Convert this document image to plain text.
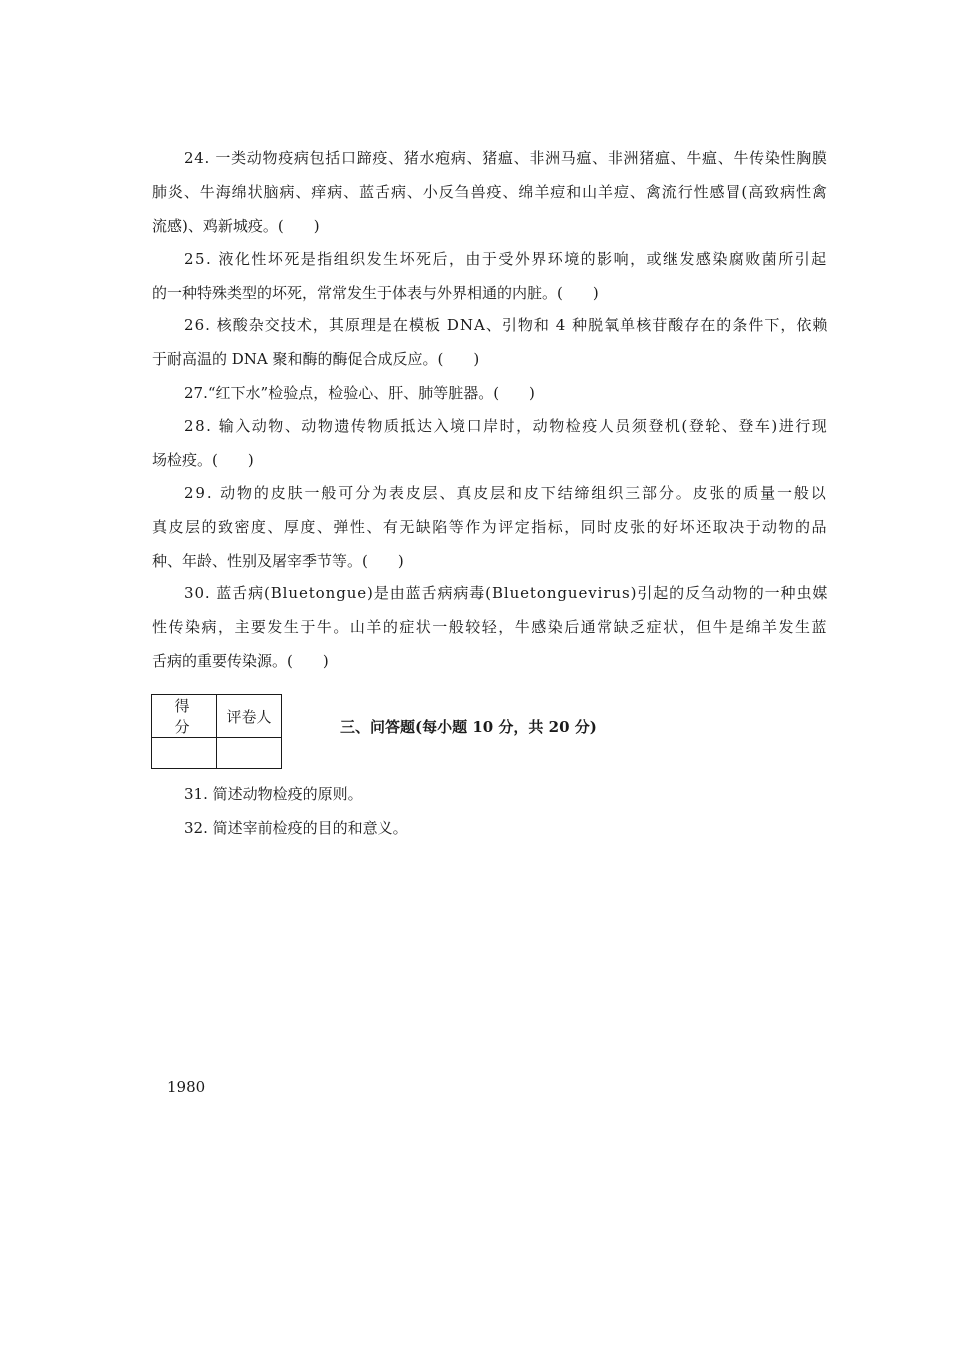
24. 一类动物疫病包括口蹄疫、猪水疱病、猪瘟、非洲马瘟、非洲猪瘟、牛瘟、牛传染性胸膜
肺炎、牛海绵状脑病、痒病、蓝舌病、小反刍兽疫、绵羊痘和山羊痘、禽流行性感冒(高致病性禽
流感)、鸡新城疫。(　　)
25. 液化性坏死是指组织发生坏死后，由于受外界环境的影响，或继发感染腐败菌所引起
的一种特殊类型的坏死，常常发生于体表与外界相通的内脏。(　　)
26. 核酸杂交技术，其原理是在模板 DNA、引物和 4 种脱氧单核苷酸存在的条件下，依赖
于耐高温的 DNA 聚和酶的酶促合成反应。(　　)
27.“红下水”检验点，检验心、肝、肺等脏器。(　　)
28. 输入动物、动物遗传物质抵达入境口岸时，动物检疫人员须登机(登轮、登车)进行现
场检疫。(　　)
29. 动物的皮肤一般可分为表皮层、真皮层和皮下结缔组织三部分。皮张的质量一般以
真皮层的致密度、厚度、弹性、有无缺陷等作为评定指标，同时皮张的好坏还取决于动物的品
种、年龄、性别及屠宰季节等。(　　)
30. 蓝舌病(Bluetongue)是由蓝舌病病毒(Bluetonguevirus)引起的反刍动物的一种虫媒
性传染病，主要发生于牛。山羊的症状一般较轻，牛感染后通常缺乏症状，但牛是绵羊发生蓝
舌病的重要传染源。(　　)
得 分	评卷人

三、问答题(每小题 10 分，共 20 分)
31. 简述动物检疫的原则。
32. 简述宰前检疫的目的和意义。
1980
